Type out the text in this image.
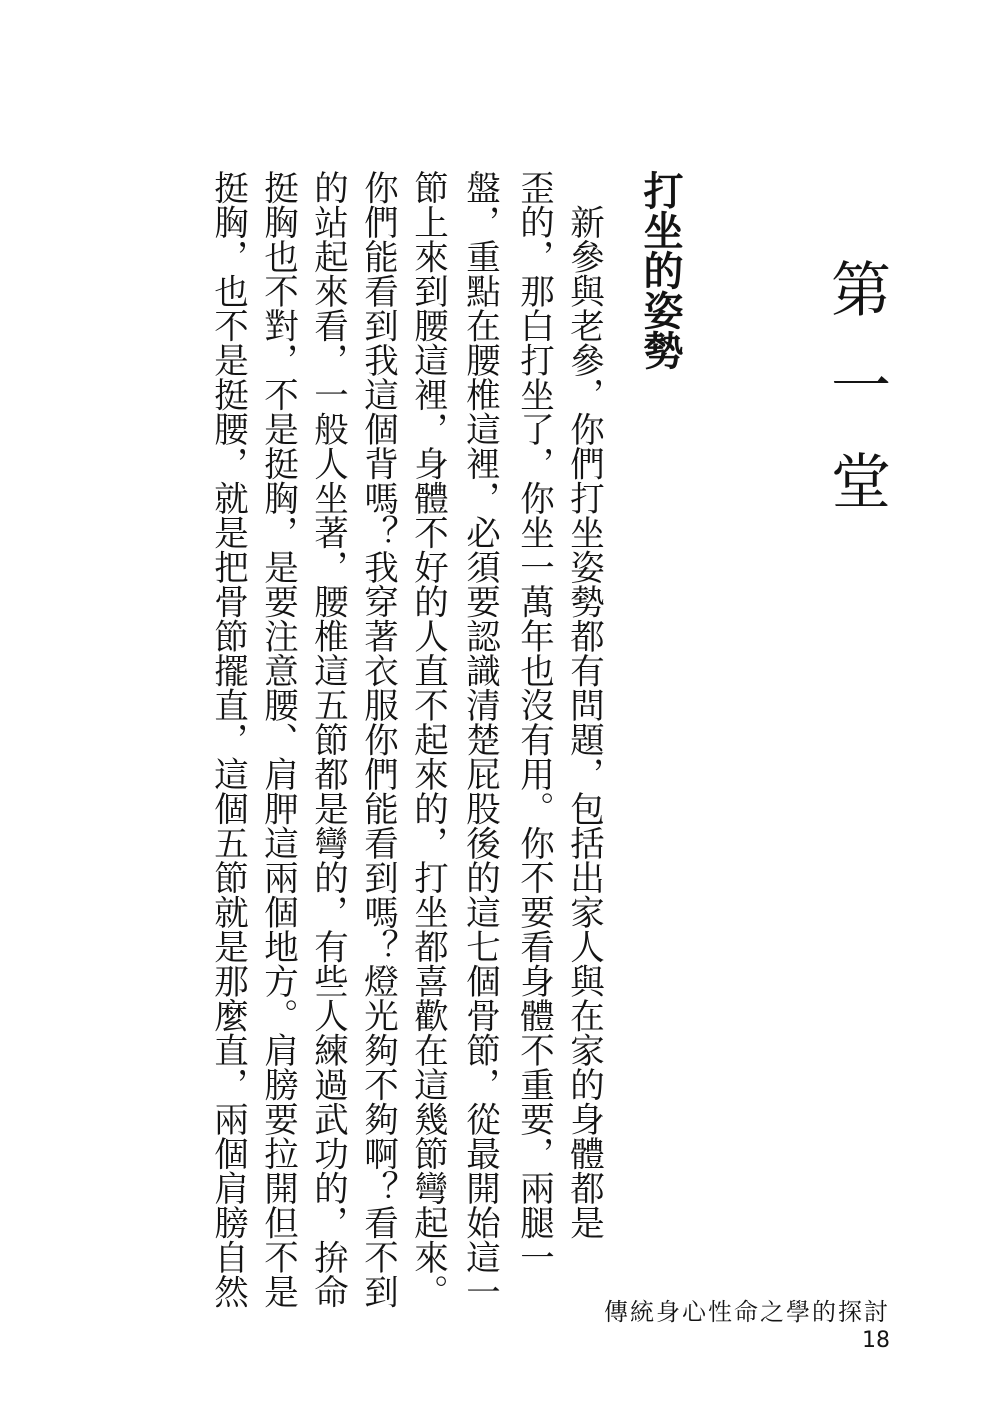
第一堂
打坐的姿勢
　新參與老參，你們打坐姿勢都有問題，包括出家人與在家的身體都是
歪的，那白打坐了，你坐一萬年也沒有用。你不要看身體不重要，兩腿一
盤，重點在腰椎這裡，必須要認識清楚屁股後的這七個骨節，從最開始這一
節上來到腰這裡，身體不好的人直不起來的，打坐都喜歡在這幾節彎起來。
你們能看到我這個背嗎？我穿著衣服你們能看到嗎？燈光夠不夠啊？看不到
的站起來看，一般人坐著，腰椎這五節都是彎的，有些人練過武功的，拚命
挺胸也不對，不是挺胸，是要注意腰、肩胛這兩個地方。肩膀要拉開但不是
挺胸，也不是挺腰，就是把骨節擺直，這個五節就是那麼直，兩個肩膀自然
傳統身心性命之學的探討
18
